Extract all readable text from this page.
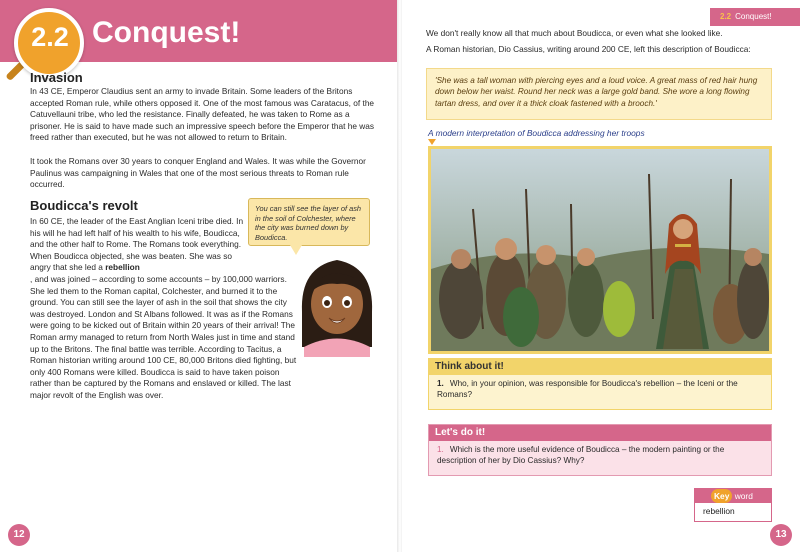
2.2 Conquest!
Invasion
In 43 CE, Emperor Claudius sent an army to invade Britain. Some leaders of the Britons accepted Roman rule, while others opposed it. One of the most famous was Caratacus, of the Catuvellauni tribe, who led the resistance. Finally defeated, he was taken to Rome as a prisoner. He is said to have made such an impressive speech before the Emperor that he was freed rather than executed, but he was not allowed to return to Britain.
It took the Romans over 30 years to conquer England and Wales. It was while the Governor Paulinus was campaigning in Wales that one of the most serious threats to Roman rule occurred.
Boudicca's revolt
In 60 CE, the leader of the East Anglian Iceni tribe died. In his will he had left half of his wealth to his wife, Boudicca, and the other half to Rome. The Romans took everything. When Boudicca objected, she was beaten. She was so angry that she led a rebellion
, and was joined – according to some accounts – by 100,000 warriors. She led them to the Roman capital, Colchester, and burned it to the ground. You can still see the layer of ash in the soil that shows the city was destroyed. London and St Albans followed. It was as if the Romans were going to be kicked out of Britain within 20 years of their arrival! The Roman army managed to return from North Wales just in time and stand up to the Britons. The final battle was terrible. According to Tacitus, a Roman historian writing around 100 CE, 80,000 Britons died fighting, but only 400 Romans were killed. Boudicca is said to have taken poison rather than be captured by the Romans and enslaved or killed. The last major revolt of the English was over.
You can still see the layer of ash in the soil of Colchester, where the city was burned down by Boudicca.
12
2.2 Conquest!
We don't really know all that much about Boudicca, or even what she looked like.
A Roman historian, Dio Cassius, writing around 200 CE, left this description of Boudicca:
'She was a tall woman with piercing eyes and a loud voice. A great mass of red hair hung down below her waist. Round her neck was a large gold band. She wore a long flowing tartan dress, and over it a thick cloak fastened with a brooch.'
A modern interpretation of Boudicca addressing her troops
Think about it!
1. Who, in your opinion, was responsible for Boudicca's rebellion – the Iceni or the Romans?
Let's do it!
1. Which is the more useful evidence of Boudicca – the modern painting or the description of her by Dio Cassius? Why?
Key word
rebellion
13
